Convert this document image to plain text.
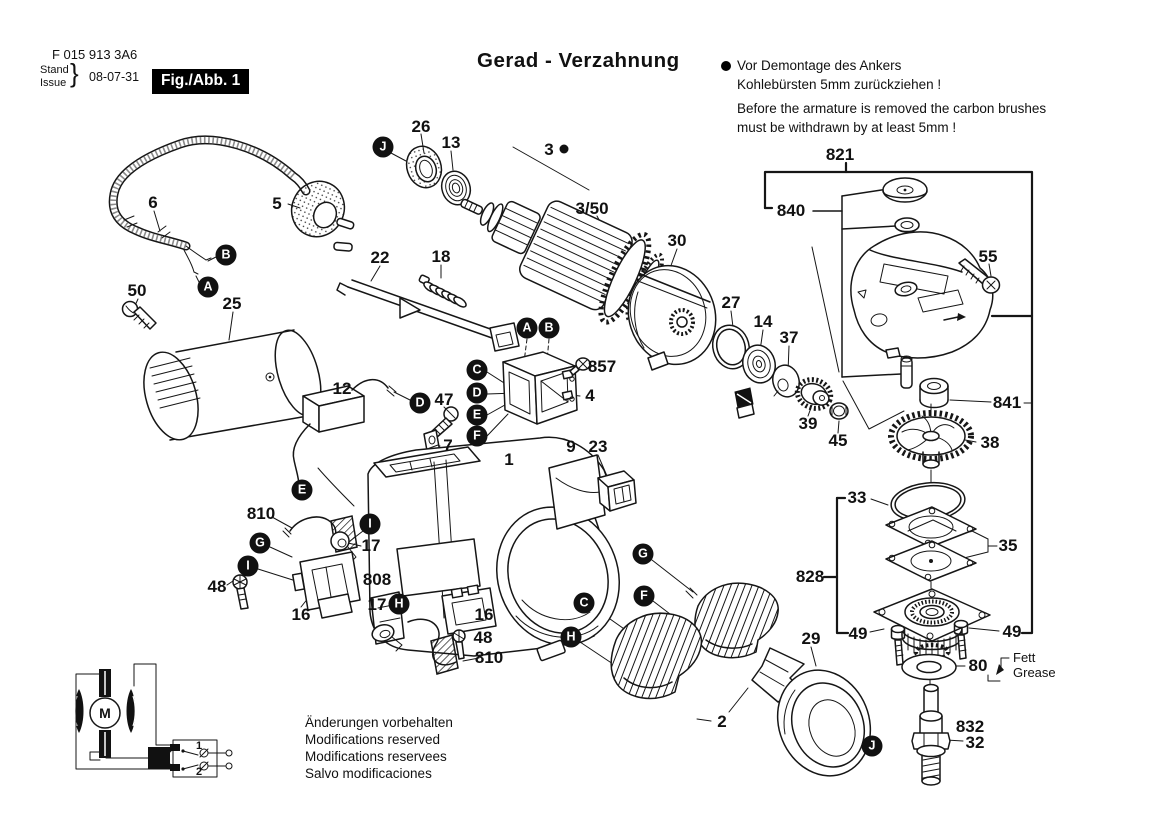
F 015 913 3A6
Stand
Issue } 08-07-31	Fig./Abb. 1
Gerad - Verzahnung	Vor Demontage des Ankers
Kohlebürsten 5mm zurückziehen !
Before the armature is removed the carbon brushes
must be withdrawn by at least 5mm !
Änderungen vorbehalten
Modifications reserved
Modifications reservees
Salvo modificaciones
Fett
Grease
M
1
2
26
13	3
3/50
30
27
14
37
39
45
22 18
5
6
50
25
821
840
55
841
38
33
35
828
49	49
80
832
32
29
2
857
4
12
47
7
1
9 23
810
17
16
48	808
17
16
48
810
J
B
A
A	B
C
D
E
F
D
E
I
G
I
H
G
F
C
H
J
